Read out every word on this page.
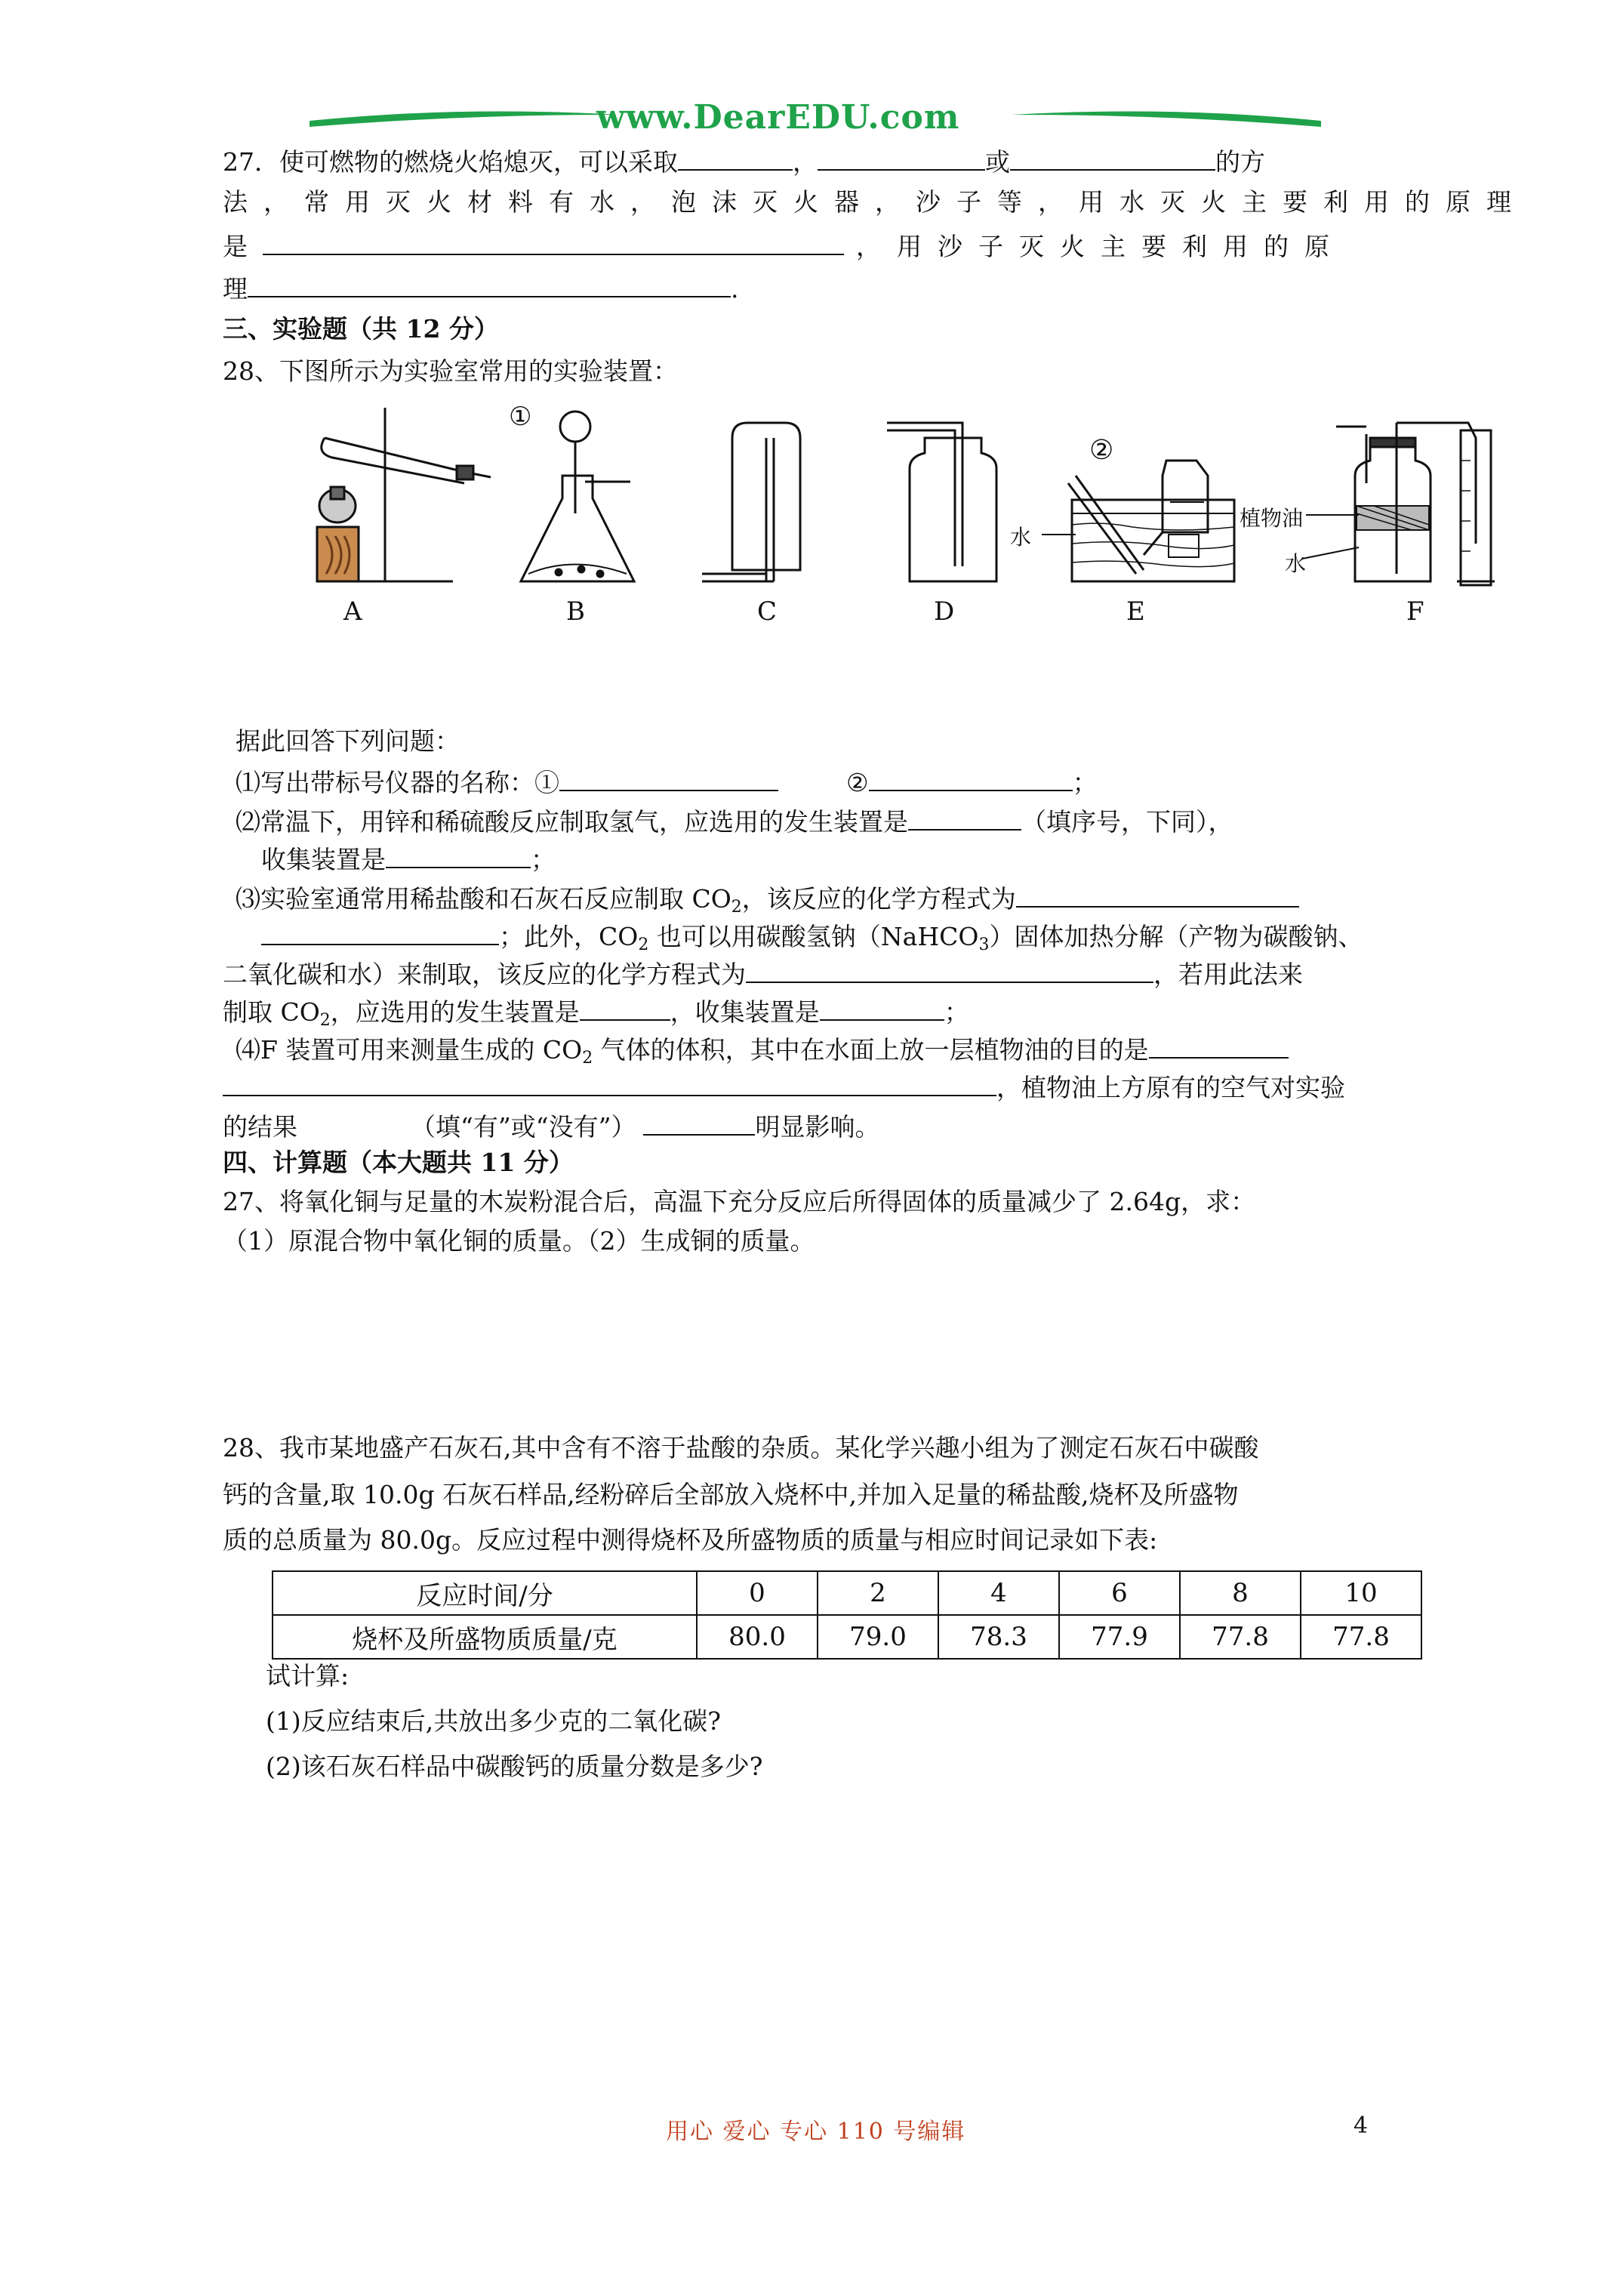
www.DearEDU.com
27．使可燃物的燃烧火焰熄灭，可以采取	，	或	的方
法，常用灭火材料有水，泡沫灭火器，沙子等，用水灭火主要利用的原理
是	，用沙子灭火主要利用的原
理	.
三、实验题（共 12 分）
28、下图所示为实验室常用的实验装置：
①
②
水
植物油
水
A	B	C	D	E	F
据此回答下列问题：
⑴写出带标号仪器的名称：①	②	；
⑵常温下，用锌和稀硫酸反应制取氢气，应选用的发生装置是	（填序号，下同），
收集装置是	；
⑶实验室通常用稀盐酸和石灰石反应制取 $CO_2$，该反应的化学方程式为
；此外，$CO_2$ 也可以用碳酸氢钠（NaHCO$_3$）固体加热分解（产物为碳酸钠、
二氧化碳和水）来制取，该反应的化学方程式为	，若用此法来
制取 $CO_2$，应选用的发生装置是	，收集装置是	；
⑷F 装置可用来测量生成的 $CO_2$ 气体的体积，其中在水面上放一层植物油的目的是
，植物油上方原有的空气对实验
的结果	（填“有”或“没有”）	明显影响。
四、计算题（本大题共 11 分）
27、将氧化铜与足量的木炭粉混合后，高温下充分反应后所得固体的质量减少了 2.64g，求：
（1）原混合物中氧化铜的质量。（2）生成铜的质量。
28、我市某地盛产石灰石,其中含有不溶于盐酸的杂质。某化学兴趣小组为了测定石灰石中碳酸
钙的含量,取 10.0g 石灰石样品,经粉碎后全部放入烧杯中,并加入足量的稀盐酸,烧杯及所盛物
质的总质量为 80.0g。反应过程中测得烧杯及所盛物质的质量与相应时间记录如下表:
反应时间/分	0	2	4	6	8	10
烧杯及所盛物质质量/克	80.0	79.0	78.3	77.9	77.8	77.8
试计算:
(1)反应结束后,共放出多少克的二氧化碳?
(2)该石灰石样品中碳酸钙的质量分数是多少?
用心 爱心 专心 110 号编辑	4
